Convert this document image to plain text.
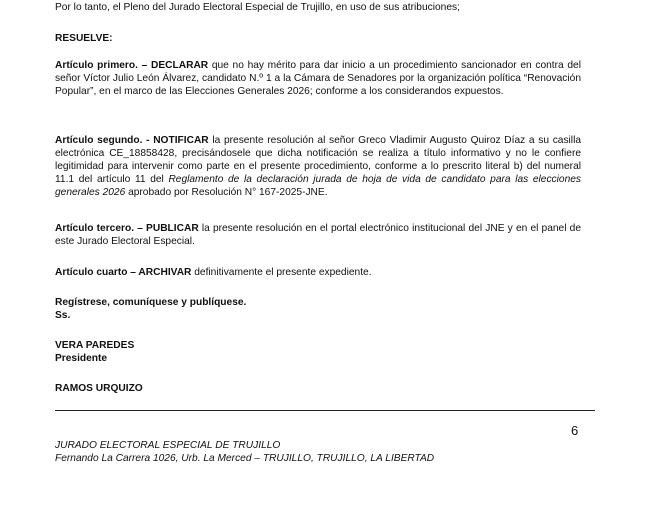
Por lo tanto, el Pleno del Jurado Electoral Especial de Trujillo, en uso de sus atribuciones;

RESUELVE:

Artículo primero. – DECLARAR que no hay mérito para dar inicio a un procedimiento sancionador en contra del señor Víctor Julio León Álvarez, candidato N.º 1 a la Cámara de Senadores por la organización política “Renovación Popular”, en el marco de las Elecciones Generales 2026; conforme a los considerandos expuestos.

Artículo segundo. - NOTIFICAR la presente resolución al señor Greco Vladimir Augusto Quiroz Díaz a su casilla electrónica CE_18858428, precisándosele que dicha notificación se realiza a título informativo y no le confiere legitimidad para intervenir como parte en el presente procedimiento, conforme a lo prescrito literal b) del numeral 11.1 del artículo 11 del Reglamento de la declaración jurada de hoja de vida de candidato para las elecciones generales 2026 aprobado por Resolución N° 167-2025-JNE.

Artículo tercero. – PUBLICAR la presente resolución en el portal electrónico institucional del JNE y en el panel de este Jurado Electoral Especial.

Artículo cuarto – ARCHIVAR definitivamente el presente expediente.

Regístrese, comuníquese y publíquese.

Ss.

VERA PAREDES

Presidente

RAMOS URQUIZO

6
JURADO ELECTORAL ESPECIAL DE TRUJILLO
Fernando La Carrera 1026, Urb. La Merced – TRUJILLO, TRUJILLO, LA LIBERTAD
